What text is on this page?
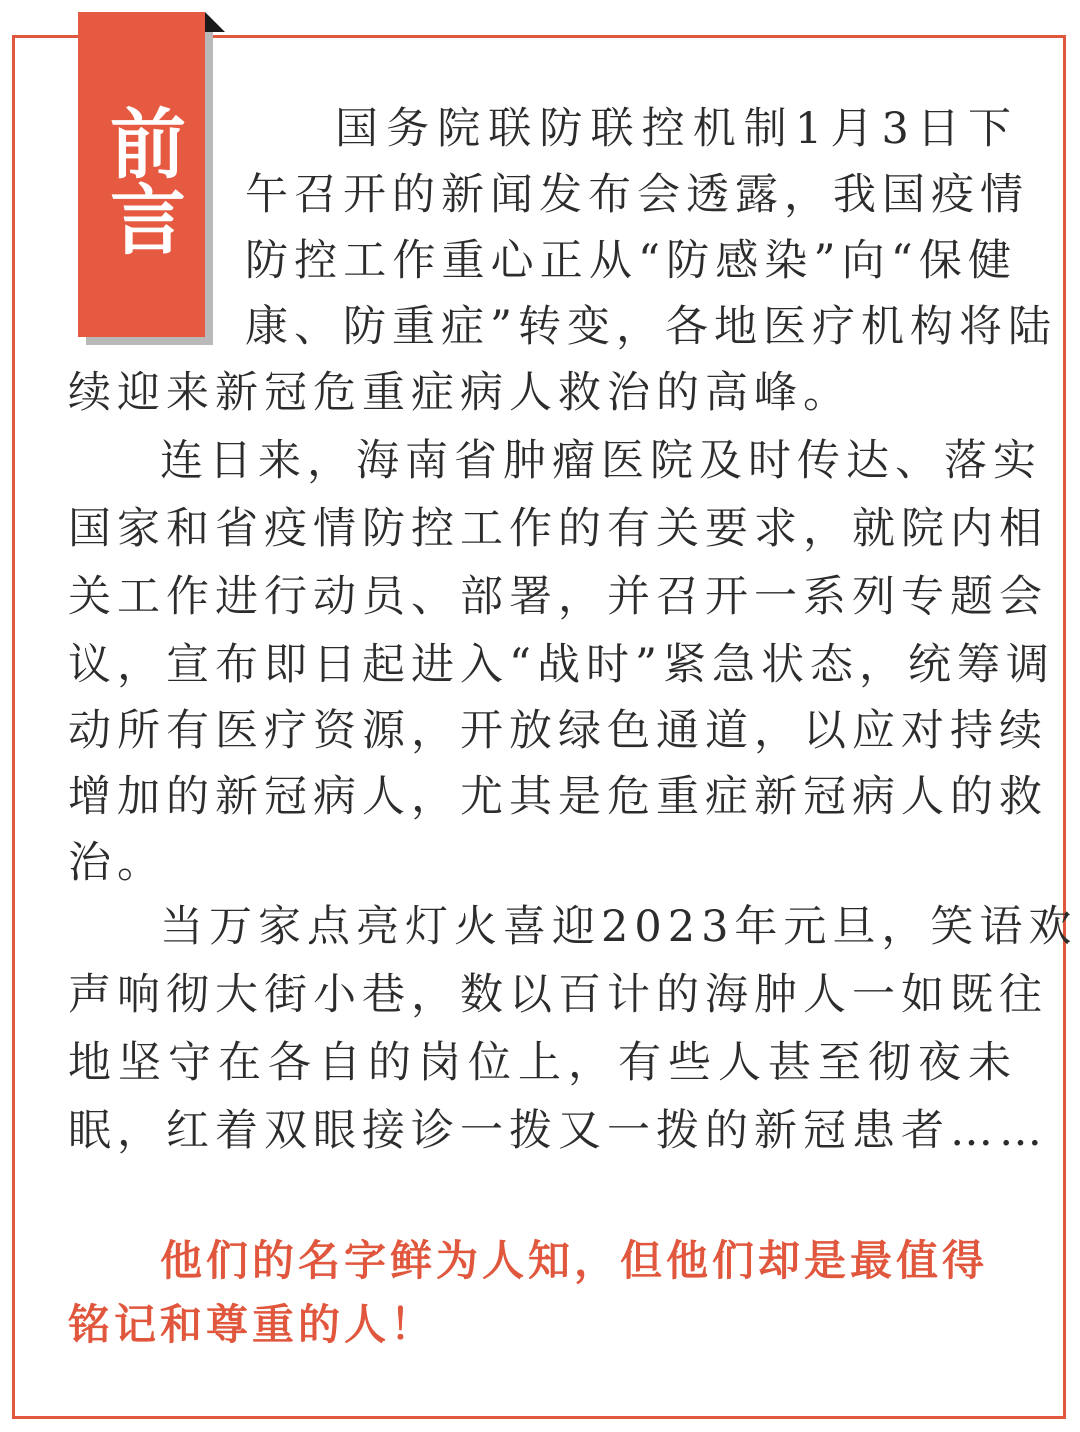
前言	国务院联防联控机制1月3日下
午召开的新闻发布会透露，我国疫情
防控工作重心正从“防感染”向“保健
康、防重症”转变，各地医疗机构将陆
续迎来新冠危重症病人救治的高峰。
连日来，海南省肿瘤医院及时传达、落实
国家和省疫情防控工作的有关要求，就院内相
关工作进行动员、部署，并召开一系列专题会
议，宣布即日起进入“战时”紧急状态，统筹调
动所有医疗资源，开放绿色通道，以应对持续
增加的新冠病人，尤其是危重症新冠病人的救
治。
当万家点亮灯火喜迎2023年元旦，笑语欢
声响彻大街小巷，数以百计的海肿人一如既往
地坚守在各自的岗位上，有些人甚至彻夜未
眠，红着双眼接诊一拨又一拨的新冠患者……
他们的名字鲜为人知，但他们却是最值得
铭记和尊重的人！
